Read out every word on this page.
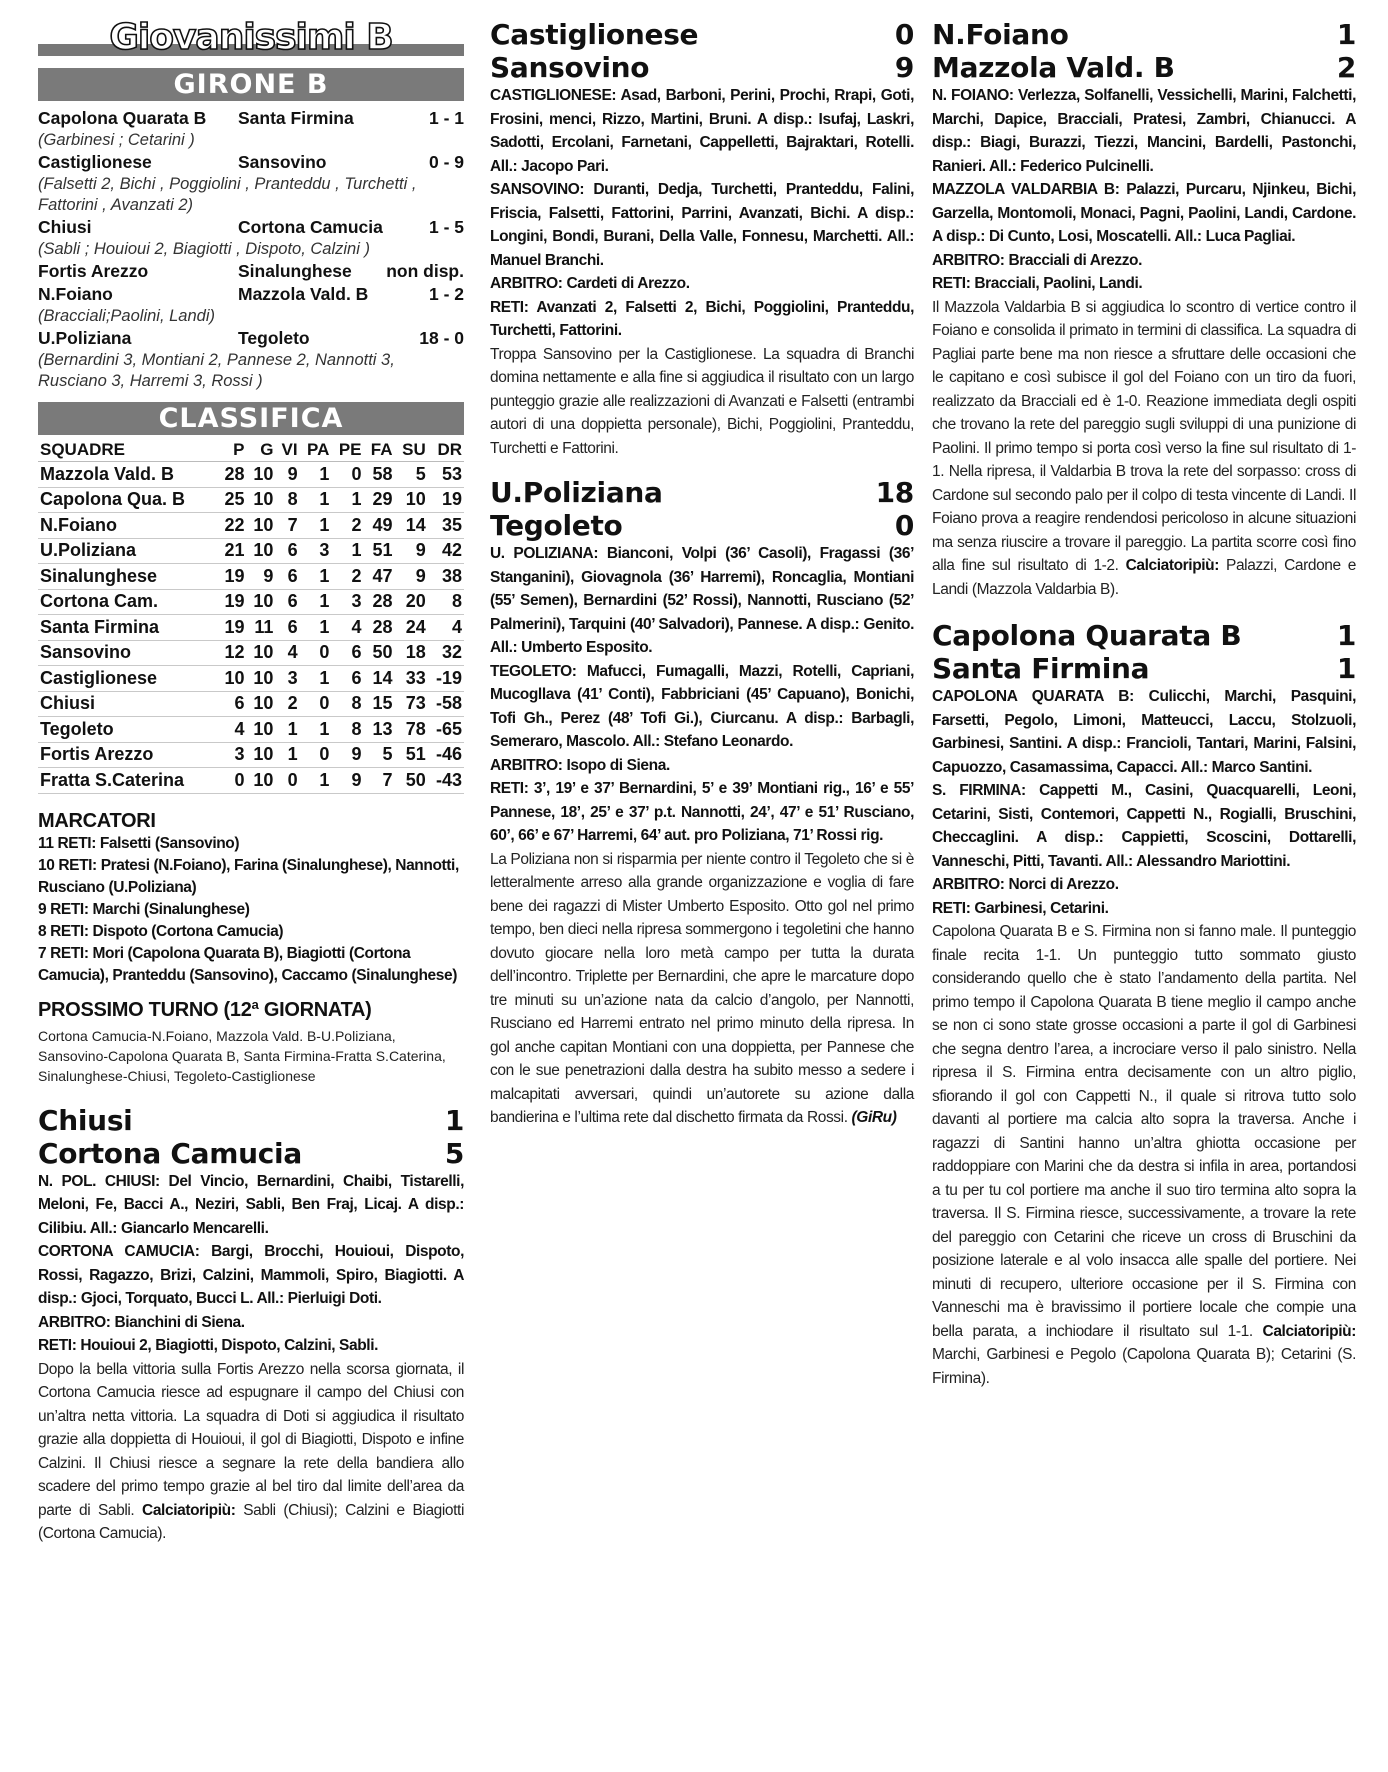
Giovanissimi B
GIRONE B
Capolona Quarata B	Santa Firmina	1 - 1
(Garbinesi ; Cetarini )
Castiglionese	Sansovino	0 - 9
(Falsetti 2, Bichi , Poggiolini , Pranteddu , Turchetti , Fattorini , Avanzati 2)
Chiusi	Cortona Camucia	1 - 5
(Sabli ; Houioui 2, Biagiotti , Dispoto, Calzini )
Fortis Arezzo	Sinalunghese	non disp.
N.Foiano	Mazzola Vald. B	1 - 2
(Bracciali;Paolini, Landi)
U.Poliziana	Tegoleto	18 - 0
(Bernardini 3, Montiani 2, Pannese 2, Nannotti 3, Rusciano 3, Harremi 3, Rossi )
CLASSIFICA
SQUADRE	P	G	VI	PA	PE	FA	SU	DR
Mazzola Vald. B	28	10	9	1	0	58	5	53
Capolona Qua. B	25	10	8	1	1	29	10	19
N.Foiano	22	10	7	1	2	49	14	35
U.Poliziana	21	10	6	3	1	51	9	42
Sinalunghese	19	9	6	1	2	47	9	38
Cortona Cam.	19	10	6	1	3	28	20	8
Santa Firmina	19	11	6	1	4	28	24	4
Sansovino	12	10	4	0	6	50	18	32
Castiglionese	10	10	3	1	6	14	33	-19
Chiusi	6	10	2	0	8	15	73	-58
Tegoleto	4	10	1	1	8	13	78	-65
Fortis Arezzo	3	10	1	0	9	5	51	-46
Fratta S.Caterina	0	10	0	1	9	7	50	-43
MARCATORI
11 RETI: Falsetti (Sansovino)
10 RETI: Pratesi (N.Foiano), Farina (Sinalunghese), Nannotti, Rusciano (U.Poliziana)
9 RETI: Marchi (Sinalunghese)
8 RETI: Dispoto (Cortona Camucia)
7 RETI: Mori (Capolona Quarata B), Biagiotti (Cortona Camucia), Pranteddu (Sansovino), Caccamo (Sinalunghese)
PROSSIMO TURNO (12ª GIORNATA)
Cortona Camucia-N.Foiano, Mazzola Vald. B-U.Poliziana, Sansovino-Capolona Quarata B, Santa Firmina-Fratta S.Caterina, Sinalunghese-Chiusi, Tegoleto-Castiglionese
Chiusi	1
Cortona Camucia	5
N. POL. CHIUSI: Del Vincio, Bernardini, Chaibi, Tistarelli, Meloni, Fe, Bacci A., Neziri, Sabli, Ben Fraj, Licaj. A disp.: Cilibiu. All.: Giancarlo Mencarelli.
CORTONA CAMUCIA: Bargi, Brocchi, Houioui, Dispoto, Rossi, Ragazzo, Brizi, Calzini, Mammoli, Spiro, Biagiotti. A disp.: Gjoci, Torquato, Bucci L. All.: Pierluigi Doti.
ARBITRO: Bianchini di Siena.
RETI: Houioui 2, Biagiotti, Dispoto, Calzini, Sabli.
Dopo la bella vittoria sulla Fortis Arezzo nella scorsa giornata, il Cortona Camucia riesce ad espugnare il campo del Chiusi con un’altra netta vittoria. La squadra di Doti si aggiudica il risultato grazie alla doppietta di Houioui, il gol di Biagiotti, Dispoto e infine Calzini. Il Chiusi riesce a segnare la rete della bandiera allo scadere del primo tempo grazie al bel tiro dal limite dell’area da parte di Sabli. Calciatoripiù: Sabli (Chiusi); Calzini e Biagiotti (Cortona Camucia).
Castiglionese	0
Sansovino	9
CASTIGLIONESE: Asad, Barboni, Perini, Prochi, Rrapi, Goti, Frosini, menci, Rizzo, Martini, Bruni. A disp.: Isufaj, Laskri, Sadotti, Ercolani, Farnetani, Cappelletti, Bajraktari, Rotelli. All.: Jacopo Pari.
SANSOVINO: Duranti, Dedja, Turchetti, Pranteddu, Falini, Friscia, Falsetti, Fattorini, Parrini, Avanzati, Bichi. A disp.: Longini, Bondi, Burani, Della Valle, Fonnesu, Marchetti. All.: Manuel Branchi.
ARBITRO: Cardeti di Arezzo.
RETI: Avanzati 2, Falsetti 2, Bichi, Poggiolini, Pranteddu, Turchetti, Fattorini.
Troppa Sansovino per la Castiglionese. La squadra di Branchi domina nettamente e alla fine si aggiudica il risultato con un largo punteggio grazie alle realizzazioni di Avanzati e Falsetti (entrambi autori di una doppietta personale), Bichi, Poggiolini, Pranteddu, Turchetti e Fattorini.
U.Poliziana	18
Tegoleto	0
U. POLIZIANA: Bianconi, Volpi (36’ Casoli), Fragassi (36’ Stanganini), Giovagnola (36’ Harremi), Roncaglia, Montiani (55’ Semen), Bernardini (52’ Rossi), Nannotti, Rusciano (52’ Palmerini), Tarquini (40’ Salvadori), Pannese. A disp.: Genito. All.: Umberto Esposito.
TEGOLETO: Mafucci, Fumagalli, Mazzi, Rotelli, Capriani, Mucogllava (41’ Conti), Fabbriciani (45’ Capuano), Bonichi, Tofi Gh., Perez (48’ Tofi Gi.), Ciurcanu. A disp.: Barbagli, Semeraro, Mascolo. All.: Stefano Leonardo.
ARBITRO: Isopo di Siena.
RETI: 3’, 19’ e 37’ Bernardini, 5’ e 39’ Montiani rig., 16’ e 55’ Pannese, 18’, 25’ e 37’ p.t. Nannotti, 24’, 47’ e 51’ Rusciano, 60’, 66’ e 67’ Harremi, 64’ aut. pro Poliziana, 71’ Rossi rig.
La Poliziana non si risparmia per niente contro il Tegoleto che si è letteralmente arreso alla grande organizzazione e voglia di fare bene dei ragazzi di Mister Umberto Esposito. Otto gol nel primo tempo, ben dieci nella ripresa sommergono i tegoletini che hanno dovuto giocare nella loro metà campo per tutta la durata dell’incontro. Triplette per Bernardini, che apre le marcature dopo tre minuti su un’azione nata da calcio d’angolo, per Nannotti, Rusciano ed Harremi entrato nel primo minuto della ripresa. In gol anche capitan Montiani con una doppietta, per Pannese che con le sue penetrazioni dalla destra ha subito messo a sedere i malcapitati avversari, quindi un’autorete su azione dalla bandierina e l’ultima rete dal dischetto firmata da Rossi. (GiRu)
N.Foiano	1
Mazzola Vald. B	2
N. FOIANO: Verlezza, Solfanelli, Vessichelli, Marini, Falchetti, Marchi, Dapice, Bracciali, Pratesi, Zambri, Chianucci. A disp.: Biagi, Burazzi, Tiezzi, Mancini, Bardelli, Pastonchi, Ranieri. All.: Federico Pulcinelli.
MAZZOLA VALDARBIA B: Palazzi, Purcaru, Njinkeu, Bichi, Garzella, Montomoli, Monaci, Pagni, Paolini, Landi, Cardone. A disp.: Di Cunto, Losi, Moscatelli. All.: Luca Pagliai.
ARBITRO: Bracciali di Arezzo.
RETI: Bracciali, Paolini, Landi.
Il Mazzola Valdarbia B si aggiudica lo scontro di vertice contro il Foiano e consolida il primato in termini di classifica. La squadra di Pagliai parte bene ma non riesce a sfruttare delle occasioni che le capitano e così subisce il gol del Foiano con un tiro da fuori, realizzato da Bracciali ed è 1-0. Reazione immediata degli ospiti che trovano la rete del pareggio sugli sviluppi di una punizione di Paolini. Il primo tempo si porta così verso la fine sul risultato di 1-1. Nella ripresa, il Valdarbia B trova la rete del sorpasso: cross di Cardone sul secondo palo per il colpo di testa vincente di Landi. Il Foiano prova a reagire rendendosi pericoloso in alcune situazioni ma senza riuscire a trovare il pareggio. La partita scorre così fino alla fine sul risultato di 1-2. Calciatoripiù: Palazzi, Cardone e Landi (Mazzola Valdarbia B).
Capolona Quarata B	1
Santa Firmina	1
CAPOLONA QUARATA B: Culicchi, Marchi, Pasquini, Farsetti, Pegolo, Limoni, Matteucci, Laccu, Stolzuoli, Garbinesi, Santini. A disp.: Francioli, Tantari, Marini, Falsini, Capuozzo, Casamassima, Capacci. All.: Marco Santini.
S. FIRMINA: Cappetti M., Casini, Quacquarelli, Leoni, Cetarini, Sisti, Contemori, Cappetti N., Rogialli, Bruschini, Checcaglini. A disp.: Cappietti, Scoscini, Dottarelli, Vanneschi, Pitti, Tavanti. All.: Alessandro Mariottini.
ARBITRO: Norci di Arezzo.
RETI: Garbinesi, Cetarini.
Capolona Quarata B e S. Firmina non si fanno male. Il punteggio finale recita 1-1. Un punteggio tutto sommato giusto considerando quello che è stato l’andamento della partita. Nel primo tempo il Capolona Quarata B tiene meglio il campo anche se non ci sono state grosse occasioni a parte il gol di Garbinesi che segna dentro l’area, a incrociare verso il palo sinistro. Nella ripresa il S. Firmina entra decisamente con un altro piglio, sfiorando il gol con Cappetti N., il quale si ritrova tutto solo davanti al portiere ma calcia alto sopra la traversa. Anche i ragazzi di Santini hanno un’altra ghiotta occasione per raddoppiare con Marini che da destra si infila in area, portandosi a tu per tu col portiere ma anche il suo tiro termina alto sopra la traversa. Il S. Firmina riesce, successivamente, a trovare la rete del pareggio con Cetarini che riceve un cross di Bruschini da posizione laterale e al volo insacca alle spalle del portiere. Nei minuti di recupero, ulteriore occasione per il S. Firmina con Vanneschi ma è bravissimo il portiere locale che compie una bella parata, a inchiodare il risultato sul 1-1. Calciatoripiù: Marchi, Garbinesi e Pegolo (Capolona Quarata B); Cetarini (S. Firmina).
